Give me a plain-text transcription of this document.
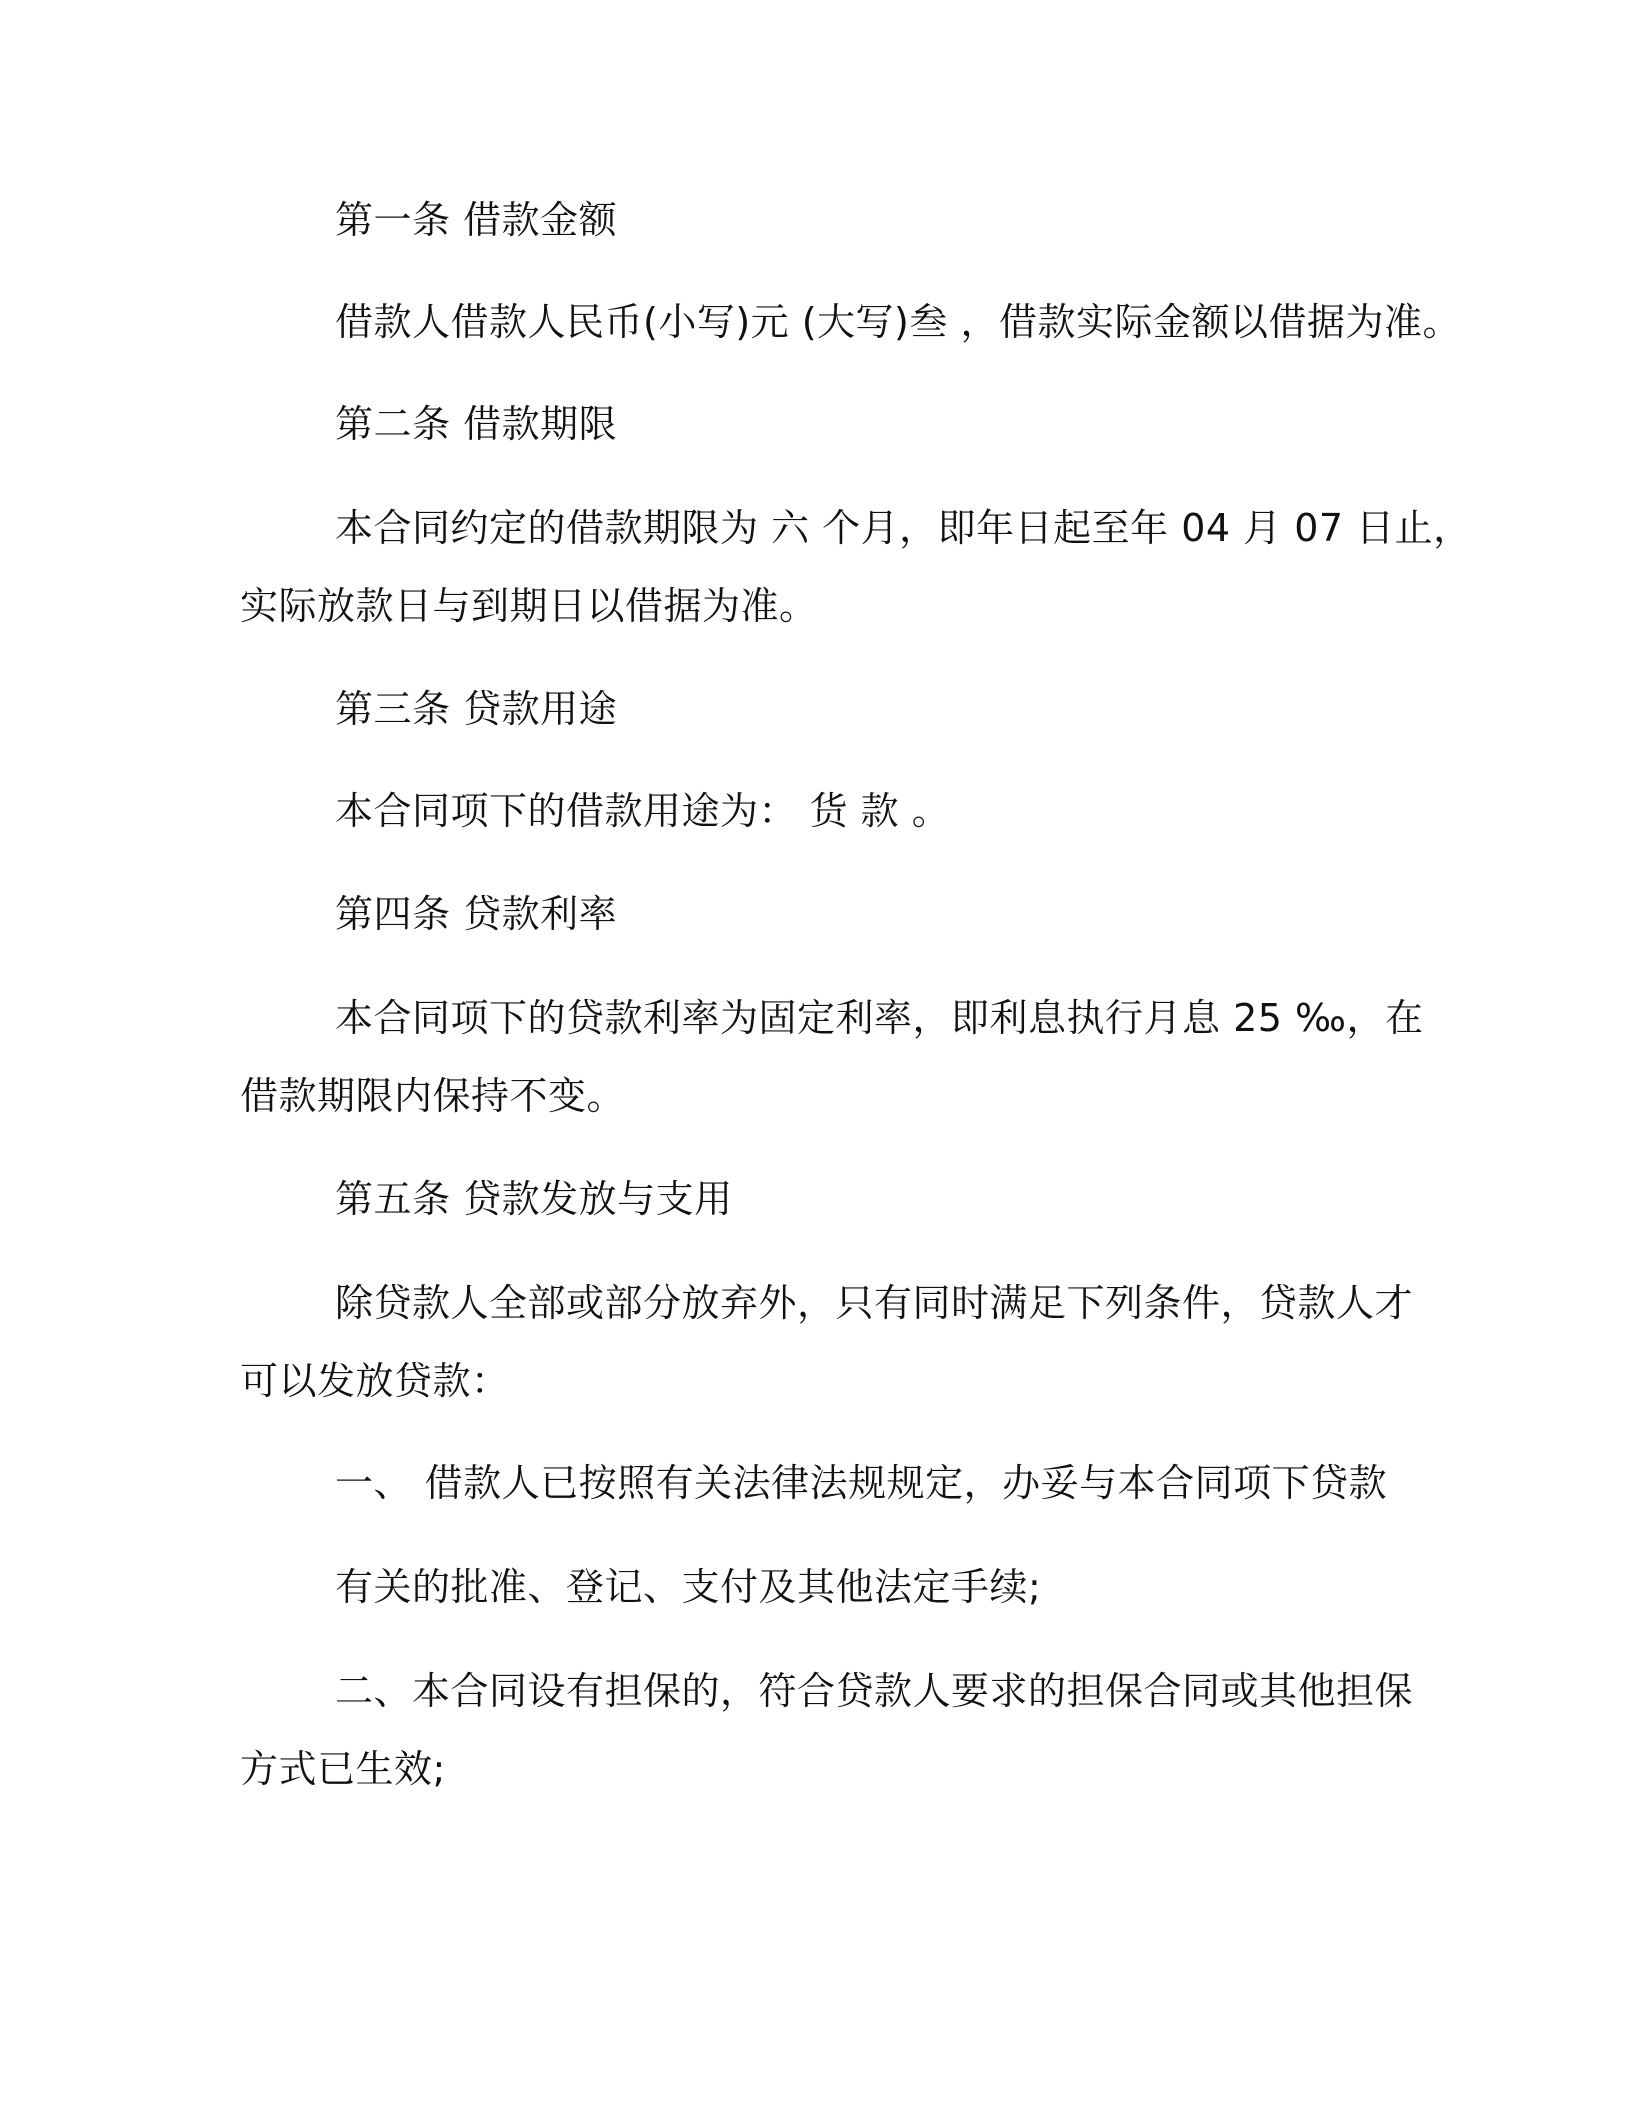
第一条 借款金额
借款人借款人民币(小写)元 (大写)叁 ，借款实际金额以借据为准。
第二条 借款期限
本合同约定的借款期限为 六 个月，即年日起至年 04 月 07 日止，
实际放款日与到期日以借据为准。
第三条 贷款用途
本合同项下的借款用途为： 货 款 。
第四条 贷款利率
本合同项下的贷款利率为固定利率，即利息执行月息 25 ‰，在
借款期限内保持不变。
第五条 贷款发放与支用
除贷款人全部或部分放弃外，只有同时满足下列条件，贷款人才
可以发放贷款：
一、 借款人已按照有关法律法规规定，办妥与本合同项下贷款
有关的批准、登记、支付及其他法定手续;
二、本合同设有担保的，符合贷款人要求的担保合同或其他担保
方式已生效;
